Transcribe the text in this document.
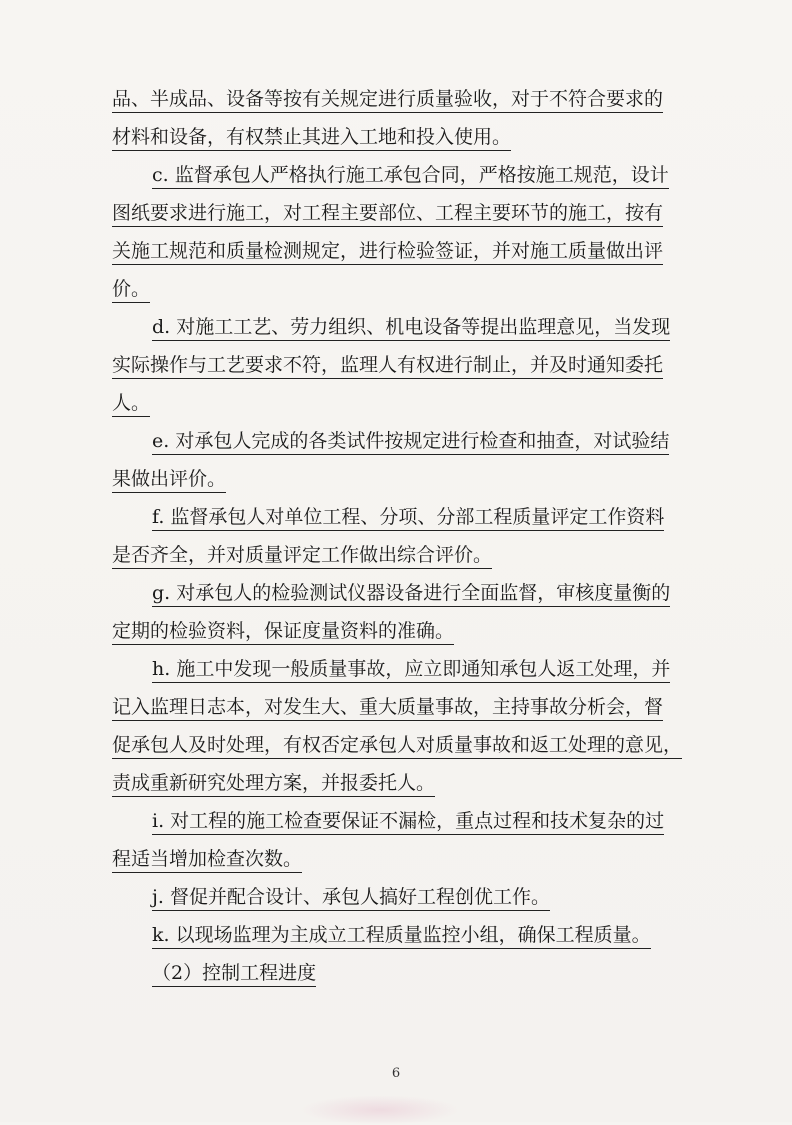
品、半成品、设备等按有关规定进行质量验收，对于不符合要求的
材料和设备，有权禁止其进入工地和投入使用。
c. 监督承包人严格执行施工承包合同，严格按施工规范，设计
图纸要求进行施工，对工程主要部位、工程主要环节的施工，按有
关施工规范和质量检测规定，进行检验签证，并对施工质量做出评
价。
d. 对施工工艺、劳力组织、机电设备等提出监理意见，当发现
实际操作与工艺要求不符，监理人有权进行制止，并及时通知委托
人。
e. 对承包人完成的各类试件按规定进行检查和抽查，对试验结
果做出评价。
f. 监督承包人对单位工程、分项、分部工程质量评定工作资料
是否齐全，并对质量评定工作做出综合评价。
g. 对承包人的检验测试仪器设备进行全面监督，审核度量衡的
定期的检验资料，保证度量资料的准确。
h. 施工中发现一般质量事故，应立即通知承包人返工处理，并
记入监理日志本，对发生大、重大质量事故，主持事故分析会，督
促承包人及时处理，有权否定承包人对质量事故和返工处理的意见，
责成重新研究处理方案，并报委托人。
i. 对工程的施工检查要保证不漏检，重点过程和技术复杂的过
程适当增加检查次数。
j. 督促并配合设计、承包人搞好工程创优工作。
k. 以现场监理为主成立工程质量监控小组，确保工程质量。
（2）控制工程进度
6
